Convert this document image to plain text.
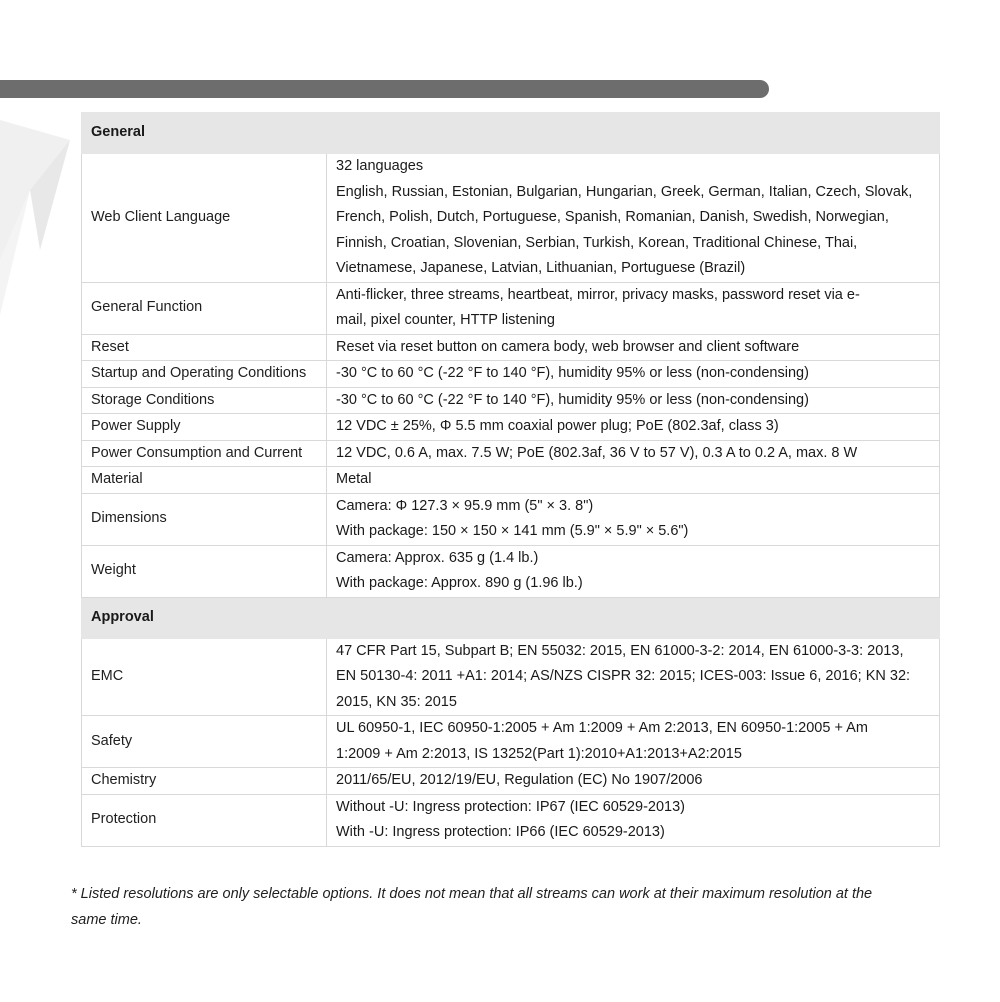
General	
Web Client Language	32 languages
English, Russian, Estonian, Bulgarian, Hungarian, Greek, German, Italian, Czech, Slovak,
French, Polish, Dutch, Portuguese, Spanish, Romanian, Danish, Swedish, Norwegian,
Finnish, Croatian, Slovenian, Serbian, Turkish, Korean, Traditional Chinese, Thai,
Vietnamese, Japanese, Latvian, Lithuanian, Portuguese (Brazil)

General Function	Anti-flicker, three streams, heartbeat, mirror, privacy masks, password reset via e-
mail, pixel counter, HTTP listening

Reset	Reset via reset button on camera body, web browser and client software

Startup and Operating Conditions	-30 °C to 60 °C (-22 °F to 140 °F), humidity 95% or less (non-condensing)

Storage Conditions	-30 °C to 60 °C (-22 °F to 140 °F), humidity 95% or less (non-condensing)

Power Supply	12 VDC ± 25%, Φ 5.5 mm coaxial power plug; PoE (802.3af, class 3)

Power Consumption and Current	12 VDC, 0.6 A, max. 7.5 W; PoE (802.3af, 36 V to 57 V), 0.3 A to 0.2 A, max. 8 W

Material	Metal

Dimensions	Camera: Φ 127.3 × 95.9 mm (5" × 3. 8")
With package: 150 × 150 × 141 mm (5.9" × 5.9" × 5.6")

Weight	Camera: Approx. 635 g (1.4 lb.)
With package: Approx. 890 g (1.96 lb.)

Approval	
EMC	47 CFR Part 15, Subpart B; EN 55032: 2015, EN 61000-3-2: 2014, EN 61000-3-3: 2013,
EN 50130-4: 2011 +A1: 2014; AS/NZS CISPR 32: 2015; ICES-003: Issue 6, 2016; KN 32:
2015, KN 35: 2015

Safety	UL 60950-1, IEC 60950-1:2005 + Am 1:2009 + Am 2:2013, EN 60950-1:2005 + Am
1:2009 + Am 2:2013, IS 13252(Part 1):2010+A1:2013+A2:2015

Chemistry	2011/65/EU, 2012/19/EU, Regulation (EC) No 1907/2006

Protection	Without -U: Ingress protection: IP67 (IEC 60529-2013)
With -U: Ingress protection: IP66 (IEC 60529-2013)
* Listed resolutions are only selectable options. It does not mean that all streams can work at their maximum resolution at the
same time.
